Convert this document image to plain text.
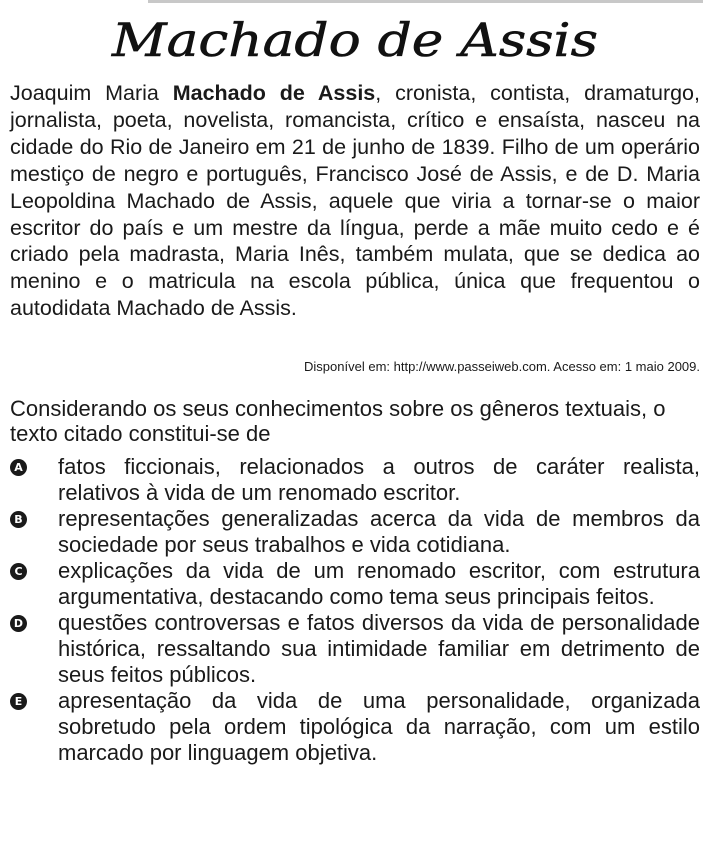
Machado de Assis

Joaquim Maria Machado de Assis, cronista, contista, dramaturgo, jornalista, poeta, novelista, romancista, crítico e ensaísta, nasceu na cidade do Rio de Janeiro em 21 de junho de 1839. Filho de um operário mestiço de negro e português, Francisco José de Assis, e de D. Maria Leopoldina Machado de Assis, aquele que viria a tornar-se o maior escritor do país e um mestre da língua, perde a mãe muito cedo e é criado pela madrasta, Maria Inês, também mulata, que se dedica ao menino e o matricula na escola pública, única que frequentou o autodidata Machado de Assis.

Disponível em: http://www.passeiweb.com. Acesso em: 1 maio 2009.

Considerando os seus conhecimentos sobre os gêneros textuais, o texto citado constitui-se de

A fatos ficcionais, relacionados a outros de caráter realista, relativos à vida de um renomado escritor.
B representações generalizadas acerca da vida de membros da sociedade por seus trabalhos e vida cotidiana.
C explicações da vida de um renomado escritor, com estrutura argumentativa, destacando como tema seus principais feitos.
D questões controversas e fatos diversos da vida de personalidade histórica, ressaltando sua intimidade familiar em detrimento de seus feitos públicos.
E apresentação da vida de uma personalidade, organizada sobretudo pela ordem tipológica da narração, com um estilo marcado por linguagem objetiva.
